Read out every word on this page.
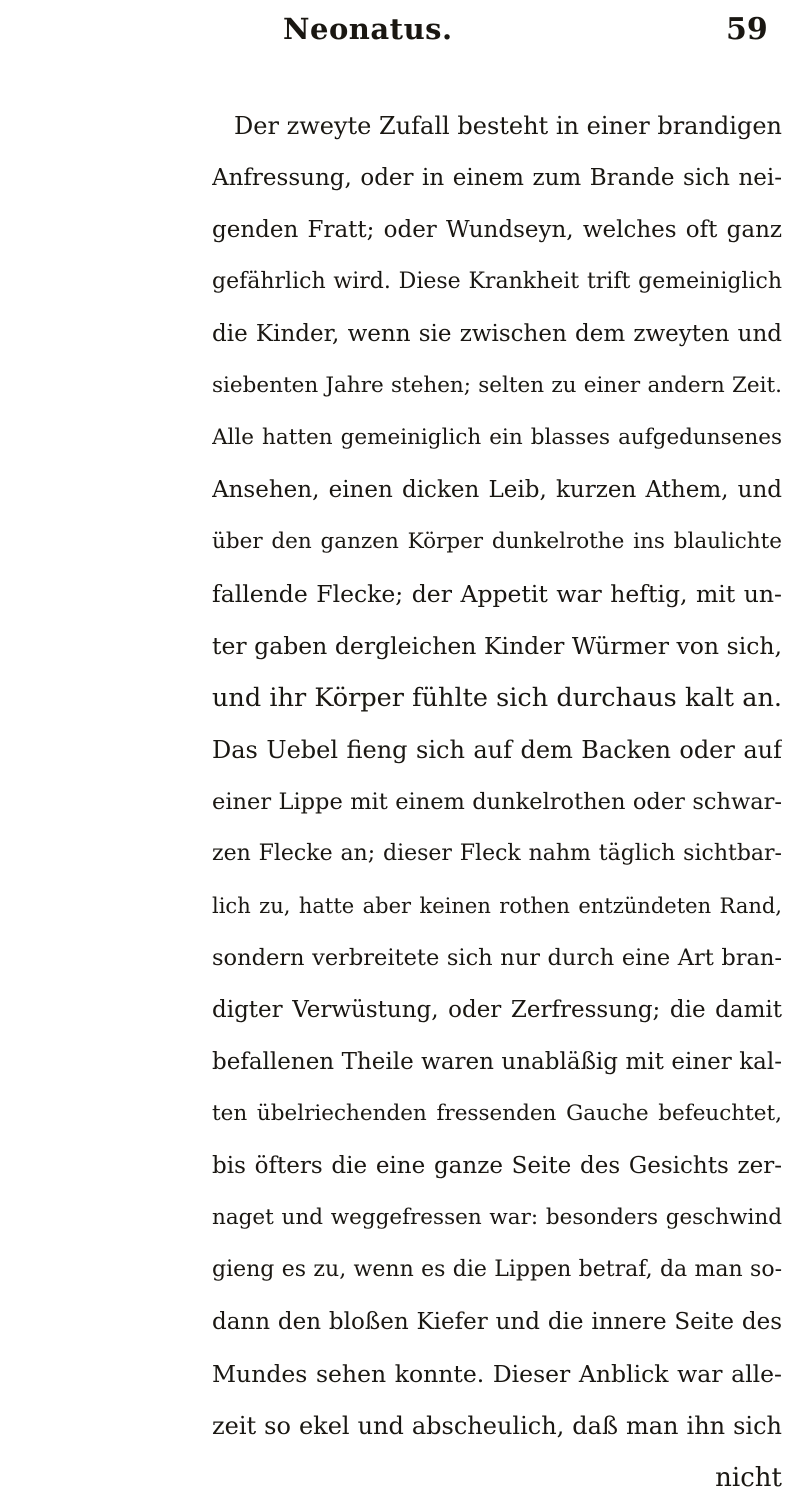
Neonatus.	59
Der zweyte Zufall besteht in einer brandigen
Anfressung, oder in einem zum Brande sich nei-
genden Fratt; oder Wundseyn, welches oft ganz
gefährlich wird. Diese Krankheit trift gemeiniglich
die Kinder, wenn sie zwischen dem zweyten und
siebenten Jahre stehen; selten zu einer andern Zeit.
Alle hatten gemeiniglich ein blasses aufgedunsenes
Ansehen, einen dicken Leib, kurzen Athem, und
über den ganzen Körper dunkelrothe ins blaulichte
fallende Flecke; der Appetit war heftig, mit un-
ter gaben dergleichen Kinder Würmer von sich,
und ihr Körper fühlte sich durchaus kalt an.
Das Uebel fieng sich auf dem Backen oder auf
einer Lippe mit einem dunkelrothen oder schwar-
zen Flecke an; dieser Fleck nahm täglich sichtbar-
lich zu, hatte aber keinen rothen entzündeten Rand,
sondern verbreitete sich nur durch eine Art bran-
digter Verwüstung, oder Zerfressung; die damit
befallenen Theile waren unabläßig mit einer kal-
ten übelriechenden fressenden Gauche befeuchtet,
bis öfters die eine ganze Seite des Gesichts zer-
naget und weggefressen war: besonders geschwind
gieng es zu, wenn es die Lippen betraf, da man so-
dann den bloßen Kiefer und die innere Seite des
Mundes sehen konnte. Dieser Anblick war alle-
zeit so ekel und abscheulich, daß man ihn sich
nicht
